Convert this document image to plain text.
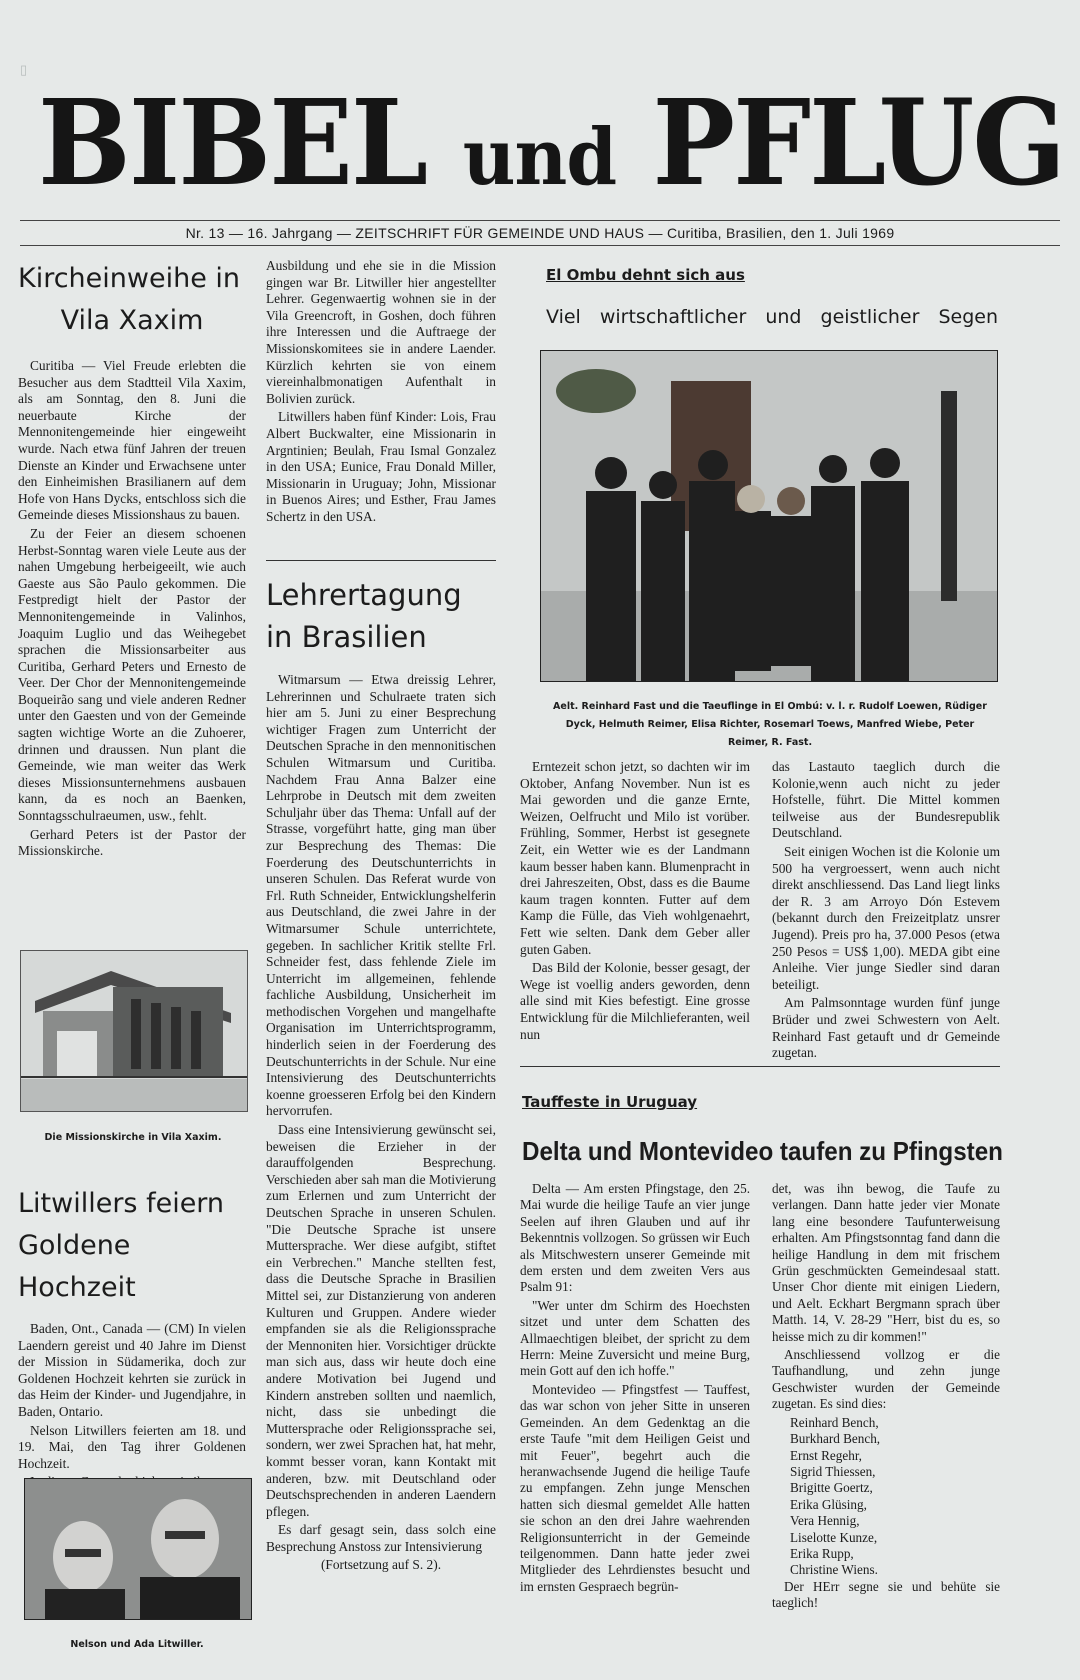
▯
BIBEL und PFLUG
Nr. 13 — 16. Jahrgang — ZEITSCHRIFT FÜR GEMEINDE UND HAUS — Curitiba, Brasilien, den 1. Juli 1969
Kircheinweihe in
Vila Xaxim

Curitiba — Viel Freude erlebten die Besucher aus dem Stadtteil Vila Xaxim, als am Sonntag, den 8. Juni die neuerbaute Kirche der Mennonitengemeinde hier eingeweiht wurde. Nach etwa fünf Jahren der treuen Dienste an Kinder und Erwachsene unter den Einheimishen Brasilianern auf dem Hofe von Hans Dycks, entschloss sich die Gemeinde dieses Missionshaus zu bauen.

Zu der Feier an diesem schoenen Herbst-Sonntag waren viele Leute aus der nahen Umgebung herbeigeeilt, wie auch Gaeste aus São Paulo gekommen. Die Festpredigt hielt der Pastor der Mennonitengemeinde in Valinhos, Joaquim Luglio und das Weihegebet sprachen die Missionsarbeiter aus Curitiba, Gerhard Peters und Ernesto de Veer. Der Chor der Mennonitengemeinde Boqueirão sang und viele anderen Redner unter den Gaesten und von der Gemeinde sagten wichtige Worte an die Zuhoerer, drinnen und draussen. Nun plant die Gemeinde, wie man weiter das Werk dieses Missionsunternehmens ausbauen kann, da es noch an Baenken, Sonntagsschulraeumen, usw., fehlt.

Gerhard Peters ist der Pastor der Missionskirche.

Die Missionskirche in Vila Xaxim.
Litwillers feiern
Goldene Hochzeit

Baden, Ont., Canada — (CM) In vielen Laendern gereist und 40 Jahre im Dienst der Mission in Südamerika, doch zur Goldenen Hochzeit kehrten sie zurück in das Heim der Kinder- und Jugendjahre, in Baden, Ontario.

Nelson Litwillers feierten am 18. und 19. Mai, den Tag ihrer Goldenen Hochzeit.

Nelson und Ada Litwiller.

Ausbildung und ehe sie in die Mission gingen war Br. Litwiller hier angestellter Lehrer. Gegenwaertig wohnen sie in der Vila Greencroft, in Goshen, doch führen ihre Interessen und die Auftraege der Missionskomitees sie in andere Laender. Kürzlich kehrten sie von einem viereinhalbmonatigen Aufenthalt in Bolivien zurück.

Litwillers haben fünf Kinder: Lois, Frau Albert Buckwalter, eine Missionarin in Argntinien; Beulah, Frau Ismal Gonzalez in den USA; Eunice, Frau Donald Miller, Missionarin in Uruguay; John, Missionar in Buenos Aires; und Esther, Frau James Schertz in den USA.

Lehrertagung
in Brasilien

Witmarsum — Etwa dreissig Lehrer, Lehrerinnen und Schulraete traten sich hier am 5. Juni zu einer Besprechung wichtiger Fragen zum Unterricht der Deutschen Sprache in den mennonitischen Schulen Witmarsum und Curitiba. Nachdem Frau Anna Balzer eine Lehrprobe in Deutsch mit dem zweiten Schuljahr über das Thema: Unfall auf der Strasse, vorgeführt hatte, ging man über zur Besprechung des Themas: Die Foerderung des Deutschunterrichts in unseren Schulen. Das Referat wurde von Frl. Ruth Schneider, Entwicklungshelferin aus Deutschland, die zwei Jahre in der Witmarsumer Schule unterrichtete, gegeben. In sachlicher Kritik stellte Frl. Schneider fest, dass fehlende Ziele im Unterricht im allgemeinen, fehlende fachliche Ausbildung, Unsicherheit im methodischen Vorgehen und mangelhafte Organisation im Unterrichtsprogramm, hinderlich seien in der Foerderung des Deutschunterrichts in der Schule. Nur eine Intensivierung des Deutschunterrichts koenne groesseren Erfolg bei den Kindern hervorrufen.

Dass eine Intensivierung gewünscht sei, beweisen die Erzieher in der darauffolgenden Besprechung. Verschieden aber sah man die Motivierung zum Erlernen und zum Unterricht der Deutschen Sprache in unseren Schulen. "Die Deutsche Sprache ist unsere Muttersprache. Wer diese aufgibt, stiftet ein Verbrechen." Manche stellten fest, dass die Deutsche Sprache in Brasilien Mittel sei, zur Distanzierung von anderen Kulturen und Gruppen. Andere wieder empfanden sie als die Religionssprache der Mennoniten hier. Vorsichtiger drückte man sich aus, dass wir heute doch eine andere Motivation bei Jugend und Kindern anstreben sollten und naemlich, nicht, dass sie unbedingt die Muttersprache oder Religionssprache sei, sondern, wer zwei Sprachen hat, hat mehr, kommt besser voran, kann Kontakt mit anderen, bzw. mit Deutschland oder Deutschsprechenden in anderen Laendern pflegen.

Es darf gesagt sein, dass solch eine Besprechung Anstoss zur Intensivierung

(Fortsetzung auf S. 2).

El Ombu dehnt sich aus
Viel wirtschaftlicher und geistlicher Segen
Aelt. Reinhard Fast und die Taeuflinge in El Ombú: v. l. r. Rudolf Loewen, Rüdiger Dyck, Helmuth Reimer, Elisa Richter, Rosemarl Toews, Manfred Wiebe, Peter Reimer, R. Fast.

Erntezeit schon jetzt, so dachten wir im Oktober, Anfang November. Nun ist es Mai geworden und die ganze Ernte, Weizen, Oelfrucht und Milo ist vorüber. Frühling, Sommer, Herbst ist gesegnete Zeit, ein Wetter wie es der Landmann kaum besser haben kann. Blumenpracht in drei Jahreszeiten, Obst, dass es die Baume kaum tragen konnten. Futter auf dem Kamp die Fülle, das Vieh wohlgenaehrt, Fett wie selten. Dank dem Geber aller guten Gaben.

Das Bild der Kolonie, besser gesagt, der Wege ist voellig anders geworden, denn alle sind mit Kies befestigt. Eine grosse Entwicklung für die Milchlieferanten, weil nun

das Lastauto taeglich durch die Kolonie,wenn auch nicht zu jeder Hofstelle, führt. Die Mittel kommen teilweise aus der Bundesrepublik Deutschland.

Seit einigen Wochen ist die Kolonie um 500 ha vergroessert, wenn auch nicht direkt anschliessend. Das Land liegt links der R. 3 am Arroyo Dón Estevem (bekannt durch den Freizeitplatz unsrer Jugend). Preis pro ha, 37.000 Pesos (etwa 250 Pesos = US$ 1,00). MEDA gibt eine Anleihe. Vier junge Siedler sind daran beteiligt.

Am Palmsonntage wurden fünf junge Brüder und zwei Schwestern von Aelt. Reinhard Fast getauft und dr Gemeinde zugetan.

Tauffeste in Uruguay
Delta und Montevideo taufen zu Pfingsten

Delta — Am ersten Pfingstage, den 25. Mai wurde die heilige Taufe an vier junge Seelen auf ihren Glauben und auf ihr Bekenntnis vollzogen. So grüssen wir Euch als Mitschwestern unserer Gemeinde mit dem ersten und dem zweiten Vers aus Psalm 91:

"Wer unter dm Schirm des Hoechsten sitzet und unter dem Schatten des Allmaechtigen bleibet, der spricht zu dem Herrn: Meine Zuversicht und meine Burg, mein Gott auf den ich hoffe."

Montevideo — Pfingstfest — Tauffest, das war schon von jeher Sitte in unseren Gemeinden. An dem Gedenktag an die erste Taufe "mit dem Heiligen Geist und mit Feuer", begehrt auch die heranwachsende Jugend die heilige Taufe zu empfangen. Zehn junge Menschen hatten sich diesmal gemeldet Alle hatten sie schon an den drei Jahre waehrenden Religionsunterricht in der Gemeinde teilgenommen. Dann hatte jeder zwei Mitglieder des Lehrdienstes besucht und im ernsten Gespraech begrün-

det, was ihn bewog, die Taufe zu verlangen. Dann hatte jeder vier Monate lang eine besondere Taufunterweisung erhalten. Am Pfingstsonntag fand dann die heilige Handlung in dem mit frischem Grün geschmückten Gemeindesaal statt. Unser Chor diente mit einigen Liedern, und Aelt. Eckhart Bergmann sprach über Matth. 14, V. 28-29 "Herr, bist du es, so heisse mich zu dir kommen!"

Anschliessend vollzog er die Taufhandlung, und zehn junge Geschwister wurden der Gemeinde zugetan. Es sind dies:

Reinhard Bench,
Burkhard Bench,
Ernst Regehr,
Sigrid Thiessen,
Brigitte Goertz,
Erika Glüsing,
Vera Hennig,
Liselotte Kunze,
Erika Rupp,
Christine Wiens.

Der HErr segne sie und behüte sie taeglich!
